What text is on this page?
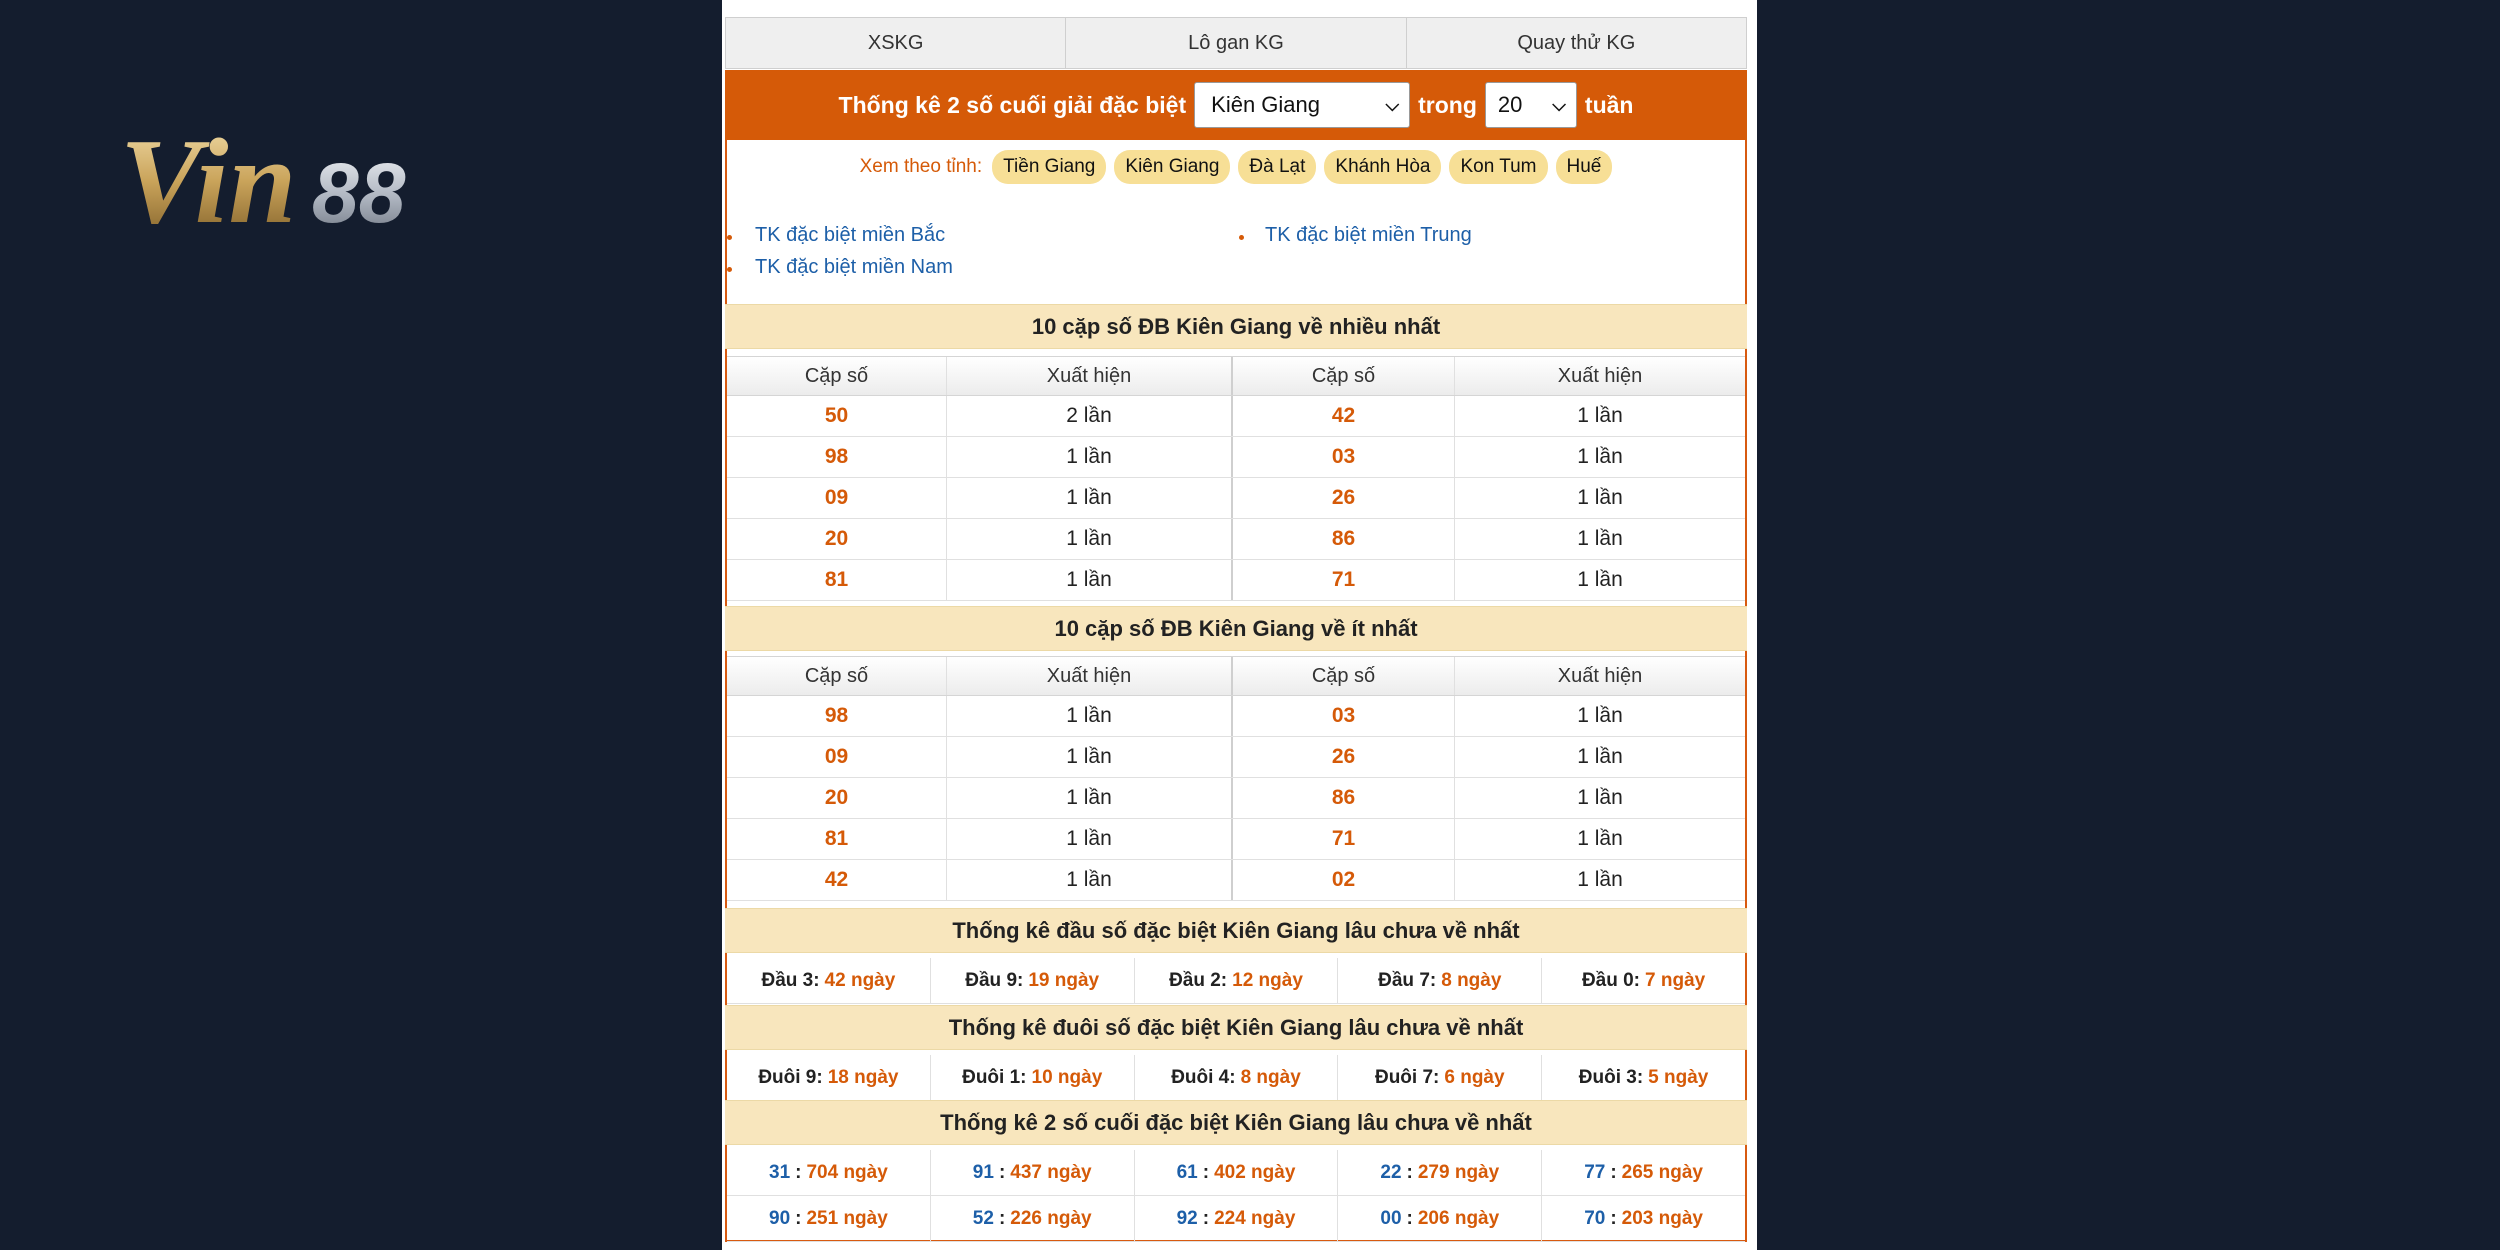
Vin 88
XSKG	Lô gan KG	Quay thử KG
Thống kê 2 số cuối giải đặc biệt Kiên Giang	⌵ trong 20 ⌵ tuần
Xem theo tỉnh:	Tiền Giang	Kiên Giang	Đà Lạt	Khánh Hòa	Kon Tum	Huế
TK đặc biệt miền Bắc	TK đặc biệt miền Trung
TK đặc biệt miền Nam
10 cặp số ĐB Kiên Giang về nhiều nhất
Cặp số	Xuất hiện	Cặp số	Xuất hiện
50	2 lần	42	1 lần
98	1 lần	03	1 lần
09	1 lần	26	1 lần
20	1 lần	86	1 lần
81	1 lần	71	1 lần
10 cặp số ĐB Kiên Giang về ít nhất
Cặp số	Xuất hiện	Cặp số	Xuất hiện
98	1 lần	03	1 lần
09	1 lần	26	1 lần
20	1 lần	86	1 lần
81	1 lần	71	1 lần
42	1 lần	02	1 lần
Thống kê đầu số đặc biệt Kiên Giang lâu chưa về nhất
Đầu 3: 42 ngày	Đầu 9: 19 ngày	Đầu 2: 12 ngày	Đầu 7: 8 ngày	Đầu 0: 7 ngày
Thống kê đuôi số đặc biệt Kiên Giang lâu chưa về nhất
Đuôi 9: 18 ngày	Đuôi 1: 10 ngày	Đuôi 4: 8 ngày	Đuôi 7: 6 ngày	Đuôi 3: 5 ngày
Thống kê 2 số cuối đặc biệt Kiên Giang lâu chưa về nhất
31 : 704 ngày	91 : 437 ngày	61 : 402 ngày	22 : 279 ngày	77 : 265 ngày
90 : 251 ngày	52 : 226 ngày	92 : 224 ngày	00 : 206 ngày	70 : 203 ngày
